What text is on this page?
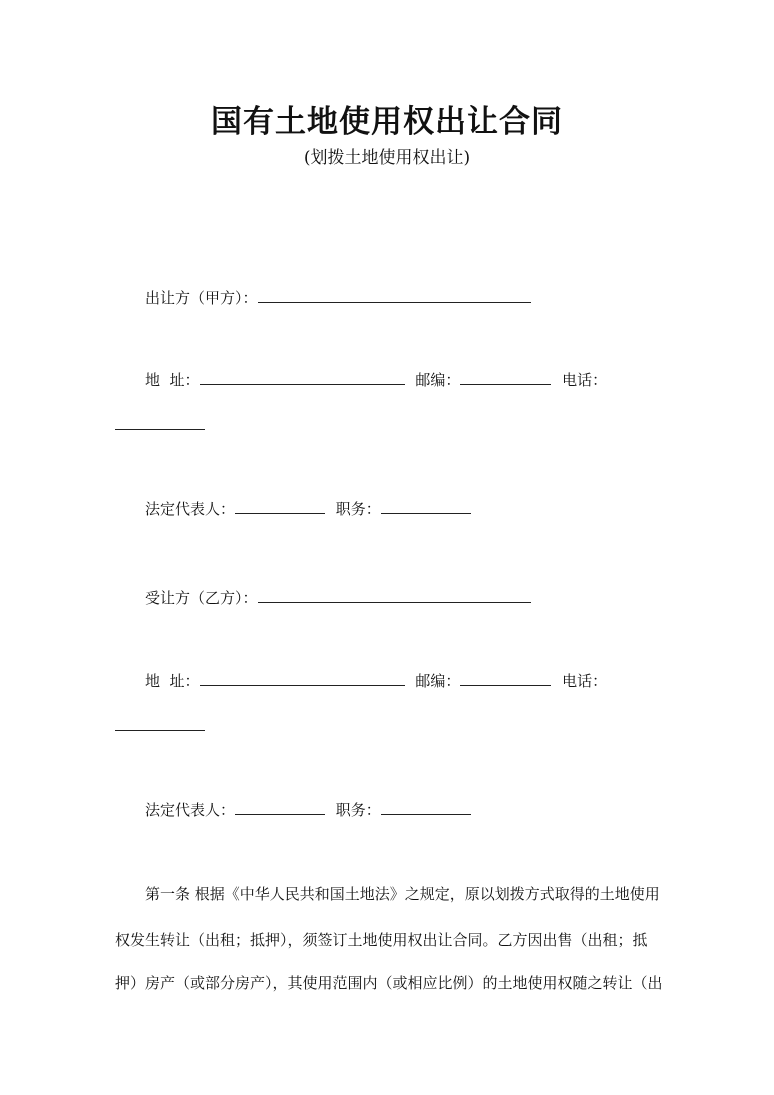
国有土地使用权出让合同
(划拨土地使用权出让)
出让方（甲方）：
地  址：	邮编：	电话：
法定代表人：	职务：
受让方（乙方）：
地  址：	邮编：	电话：
法定代表人：	职务：
第一条 根据《中华人民共和国土地法》之规定，原以划拨方式取得的土地使用
权发生转让（出租；抵押），须签订土地使用权出让合同。乙方因出售（出租；抵
押）房产（或部分房产），其使用范围内（或相应比例）的土地使用权随之转让（出
